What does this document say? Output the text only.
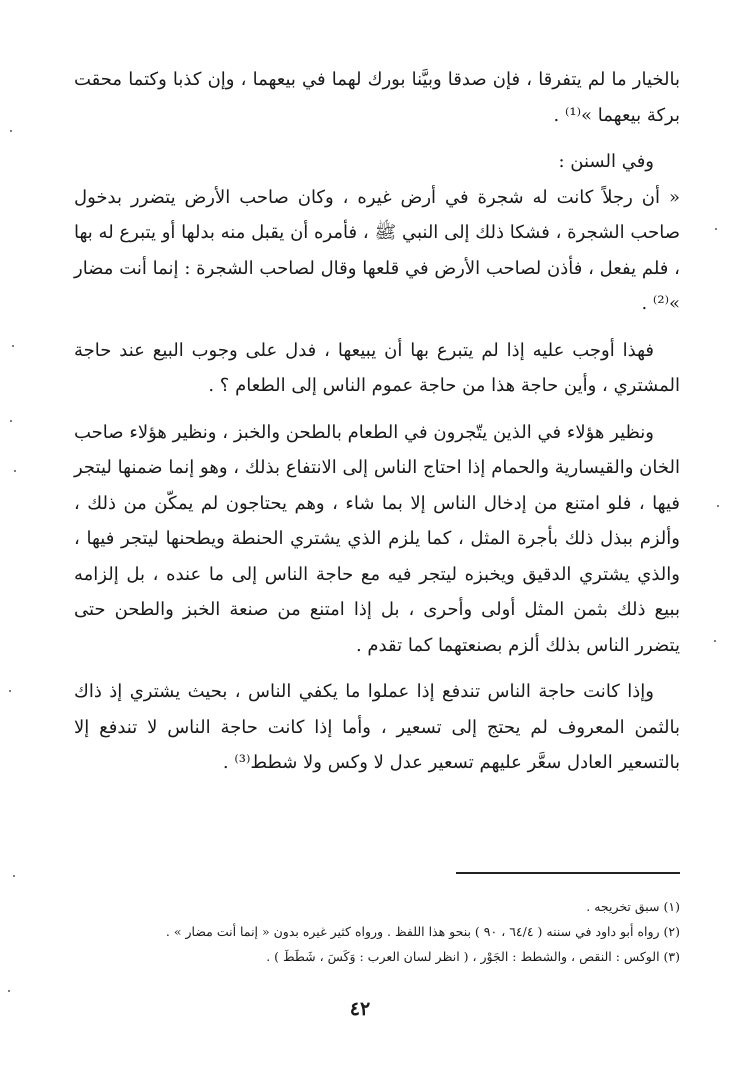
بالخيار ما لم يتفرقا ، فإن صدقا وبيَّنا بورك لهما في بيعهما ، وإن كذبا وكتما محقت بركة بيعهما »⁽¹⁾ .

وفي السنن :

« أن رجلاً كانت له شجرة في أرض غيره ، وكان صاحب الأرض يتضرر بدخول صاحب الشجرة ، فشكا ذلك إلى النبي ﷺ ، فأمره أن يقبل منه بدلها أو يتبرع له بها ، فلم يفعل ، فأذن لصاحب الأرض في قلعها وقال لصاحب الشجرة : إنما أنت مضار »⁽²⁾ .

فهذا أوجب عليه إذا لم يتبرع بها أن يبيعها ، فدل على وجوب البيع عند حاجة المشتري ، وأين حاجة هذا من حاجة عموم الناس إلى الطعام ؟ .

ونظير هؤلاء في الذين يتّجرون في الطعام بالطحن والخبز ، ونظير هؤلاء صاحب الخان والقيسارية والحمام إذا احتاج الناس إلى الانتفاع بذلك ، وهو إنما ضمنها ليتجر فيها ، فلو امتنع من إدخال الناس إلا بما شاء ، وهم يحتاجون لم يمكّن من ذلك ، وألزم ببذل ذلك بأجرة المثل ، كما يلزم الذي يشتري الحنطة ويطحنها ليتجر فيها ، والذي يشتري الدقيق ويخبزه ليتجر فيه مع حاجة الناس إلى ما عنده ، بل إلزامه ببيع ذلك بثمن المثل أولى وأحرى ، بل إذا امتنع من صنعة الخبز والطحن حتى يتضرر الناس بذلك ألزم بصنعتهما كما تقدم .

وإذا كانت حاجة الناس تندفع إذا عملوا ما يكفي الناس ، بحيث يشتري إذ ذاك بالثمن المعروف لم يحتج إلى تسعير ، وأما إذا كانت حاجة الناس لا تندفع إلا بالتسعير العادل سعَّر عليهم تسعير عدل لا وكس ولا شطط⁽³⁾ .

(١) سبق تخريجه .
(٢) رواه أبو داود في سننه ( ٦٤/٤ ، ٩٠ ) بنحو هذا اللفظ . ورواه كثير غيره بدون « إنما أنت مضار » .
(٣) الوكس : النقص ، والشطط : الجَوْر ، ( انظر لسان العرب : وَكَسَ ، شَطَطَ ) .
٤٢
